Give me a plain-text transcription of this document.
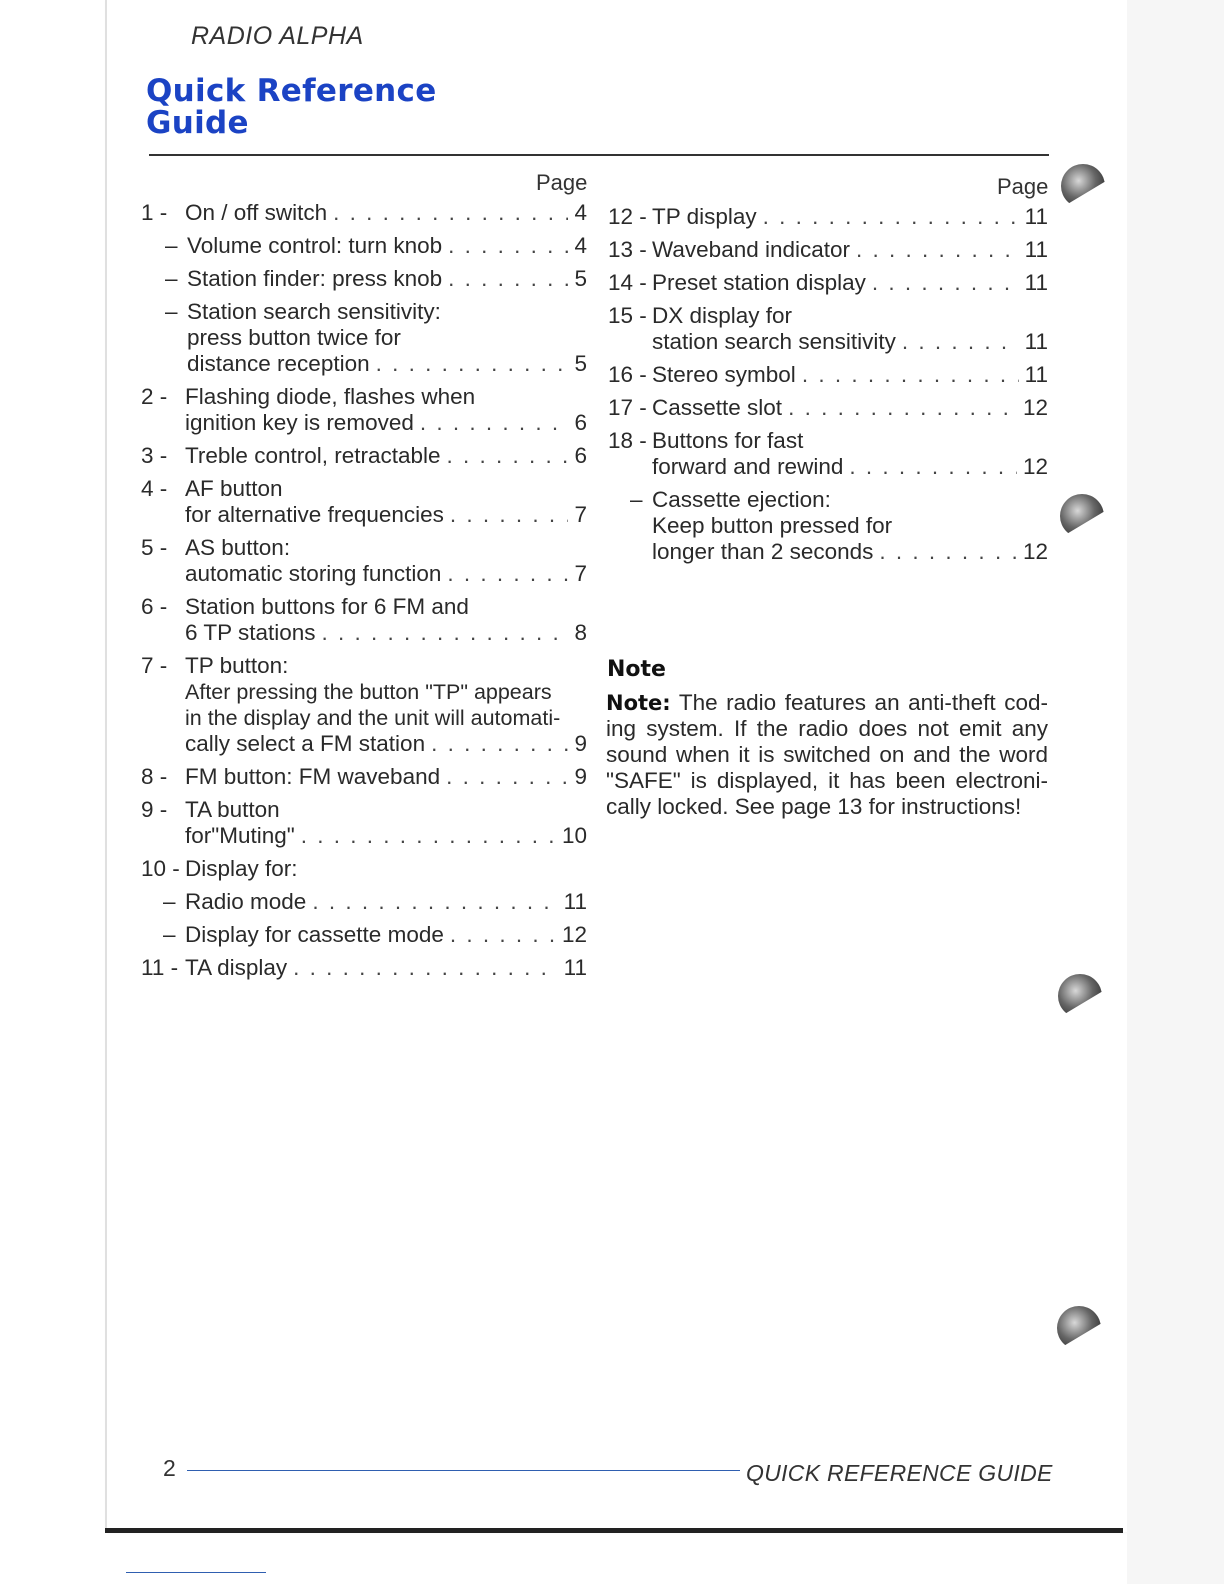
RADIO ALPHA
Quick Reference
Guide
Page	Page
1 - On / off switch . . .	4
– Volume control: turn knob . . .	4
– Station finder: press knob . . .	5
– Station search sensitivity:
press button twice for
distance reception . . .	5
2 - Flashing diode, flashes when
ignition key is removed . . .	6
3 - Treble control, retractable . . .	6
4 - AF button
for alternative frequencies . . .	7
5 - AS button:
automatic storing function . . .	7
6 - Station buttons for 6 FM and
6 TP stations . . .	8
7 - TP button:
After pressing the button "TP" appears
in the display and the unit will automati-
cally select a FM station . . .	9
8 - FM button: FM waveband . . .	9
9 - TA button
for"Muting" . . .	10
10 - Display for:
– Radio mode . . .	11
– Display for cassette mode . . .	12
11 - TA display . . .	11
12 - TP display . . .	11
13 - Waveband indicator . . .	11
14 - Preset station display . . .	11
15 - DX display for
station search sensitivity . . .	11
16 - Stereo symbol . . .	11
17 - Cassette slot . . .	12
18 - Buttons for fast
forward and rewind . . .	12
– Cassette ejection:
Keep button pressed for
longer than 2 seconds . . .	12
Note
Note: The radio features an anti-theft cod-ing system. If the radio does not emit any sound when it is switched on and the word "SAFE" is displayed, it has been electroni-cally locked. See page 13 for instructions!
2	QUICK REFERENCE GUIDE
